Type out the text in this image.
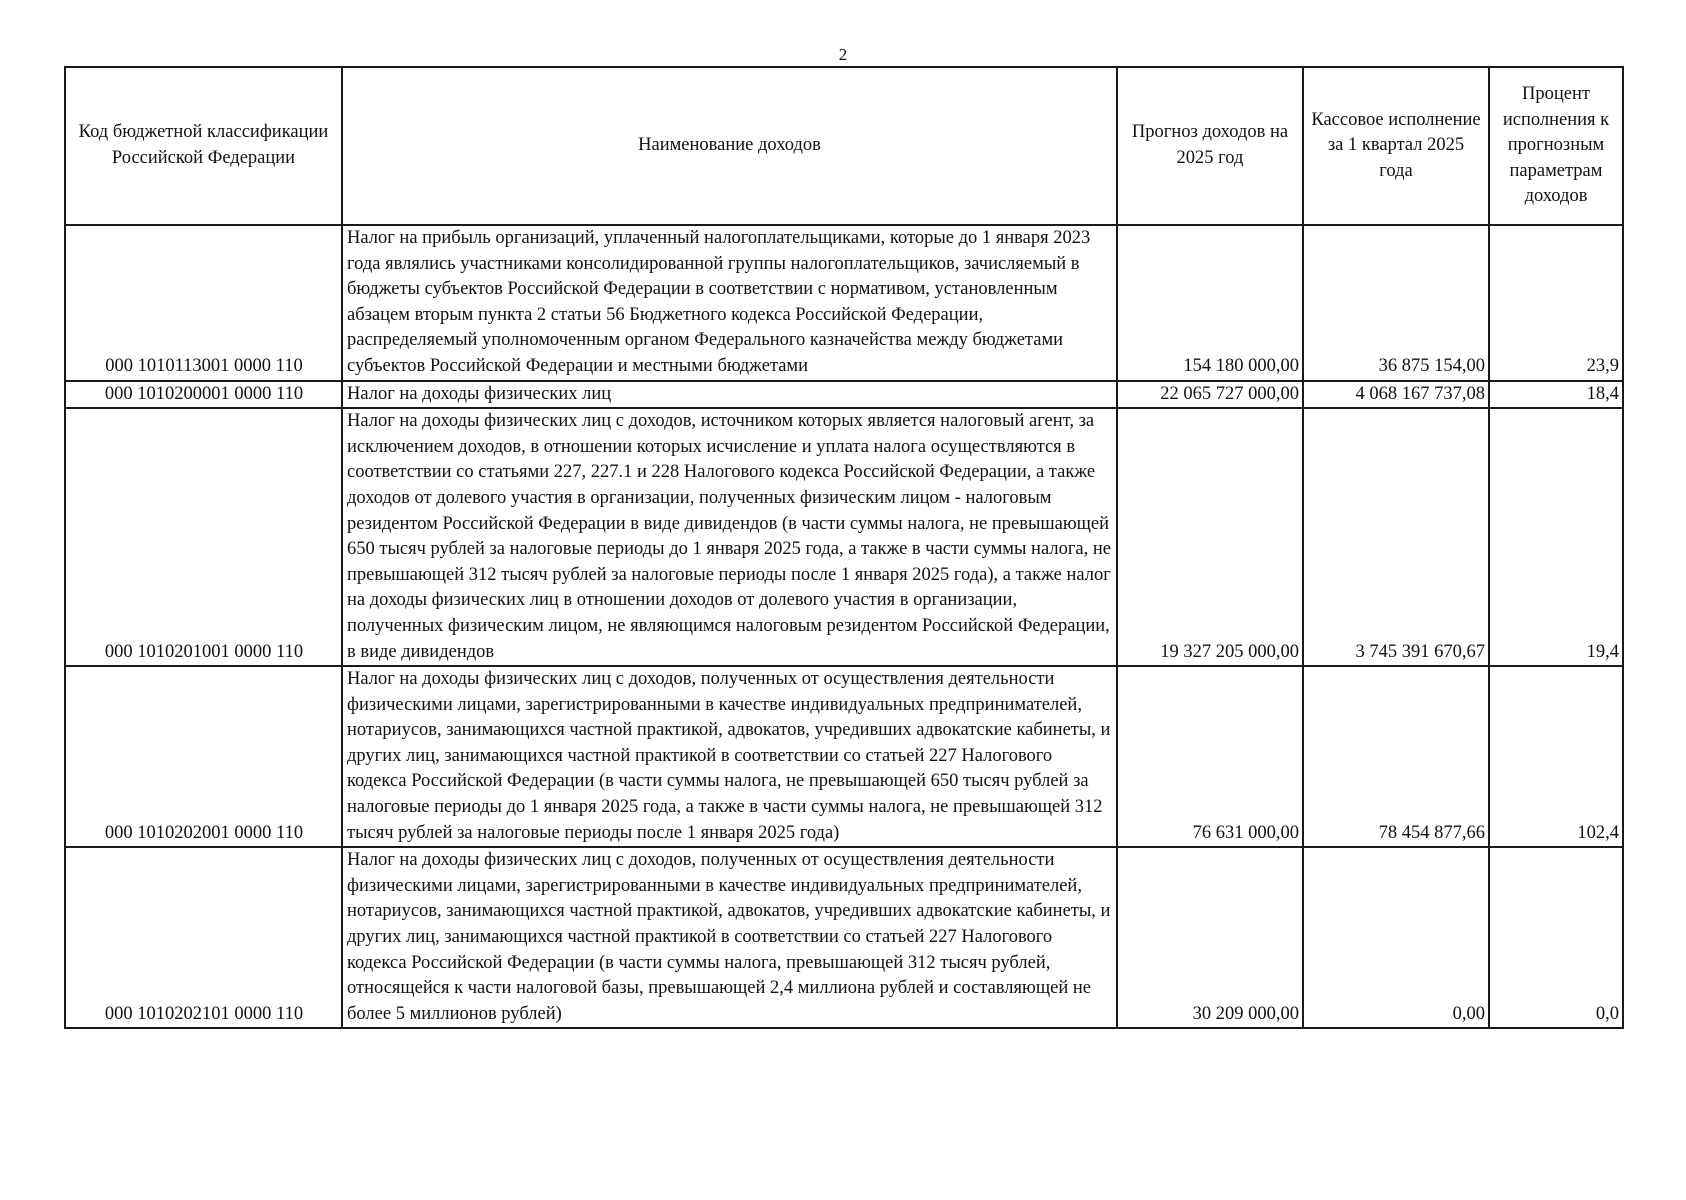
2
Код бюджетной классификации Российской Федерации	Наименование доходов	Прогноз доходов на 2025 год	Кассовое исполнение за 1 квартал 2025 года	Процент исполнения к прогнозным параметрам доходов
000 1010113001 0000 110	Налог на прибыль организаций, уплаченный налогоплательщиками, которые до 1 января 2023 года являлись участниками консолидированной группы налогоплательщиков, зачисляемый в бюджеты субъектов Российской Федерации в соответствии с нормативом, установленным абзацем вторым пункта 2 статьи 56 Бюджетного кодекса Российской Федерации, распределяемый уполномоченным органом Федерального казначейства между бюджетами субъектов Российской Федерации и местными бюджетами	154 180 000,00	36 875 154,00	23,9
000 1010200001 0000 110	Налог на доходы физических лиц	22 065 727 000,00	4 068 167 737,08	18,4
000 1010201001 0000 110	Налог на доходы физических лиц с доходов, источником которых является налоговый агент, за исключением доходов, в отношении которых исчисление и уплата налога осуществляются в соответствии со статьями 227, 227.1 и 228 Налогового кодекса Российской Федерации, а также доходов от долевого участия в организации, полученных физическим лицом - налоговым резидентом Российской Федерации в виде дивидендов (в части суммы налога, не превышающей 650 тысяч рублей за налоговые периоды до 1 января 2025 года, а также в части суммы налога, не превышающей 312 тысяч рублей за налоговые периоды после 1 января 2025 года), а также налог на доходы физических лиц в отношении доходов от долевого участия в организации, полученных физическим лицом, не являющимся налоговым резидентом Российской Федерации, в виде дивидендов	19 327 205 000,00	3 745 391 670,67	19,4
000 1010202001 0000 110	Налог на доходы физических лиц с доходов, полученных от осуществления деятельности физическими лицами, зарегистрированными в качестве индивидуальных предпринимателей, нотариусов, занимающихся частной практикой, адвокатов, учредивших адвокатские кабинеты, и других лиц, занимающихся частной практикой в соответствии со статьей 227 Налогового кодекса Российской Федерации (в части суммы налога, не превышающей 650 тысяч рублей за налоговые периоды до 1 января 2025 года, а также в части суммы налога, не превышающей 312 тысяч рублей за налоговые периоды после 1 января 2025 года)	76 631 000,00	78 454 877,66	102,4
000 1010202101 0000 110	Налог на доходы физических лиц с доходов, полученных от осуществления деятельности физическими лицами, зарегистрированными в качестве индивидуальных предпринимателей, нотариусов, занимающихся частной практикой, адвокатов, учредивших адвокатские кабинеты, и других лиц, занимающихся частной практикой в соответствии со статьей 227 Налогового кодекса Российской Федерации (в части суммы налога, превышающей 312 тысяч рублей, относящейся к части налоговой базы, превышающей 2,4 миллиона рублей и составляющей не более 5 миллионов рублей)	30 209 000,00	0,00	0,0
